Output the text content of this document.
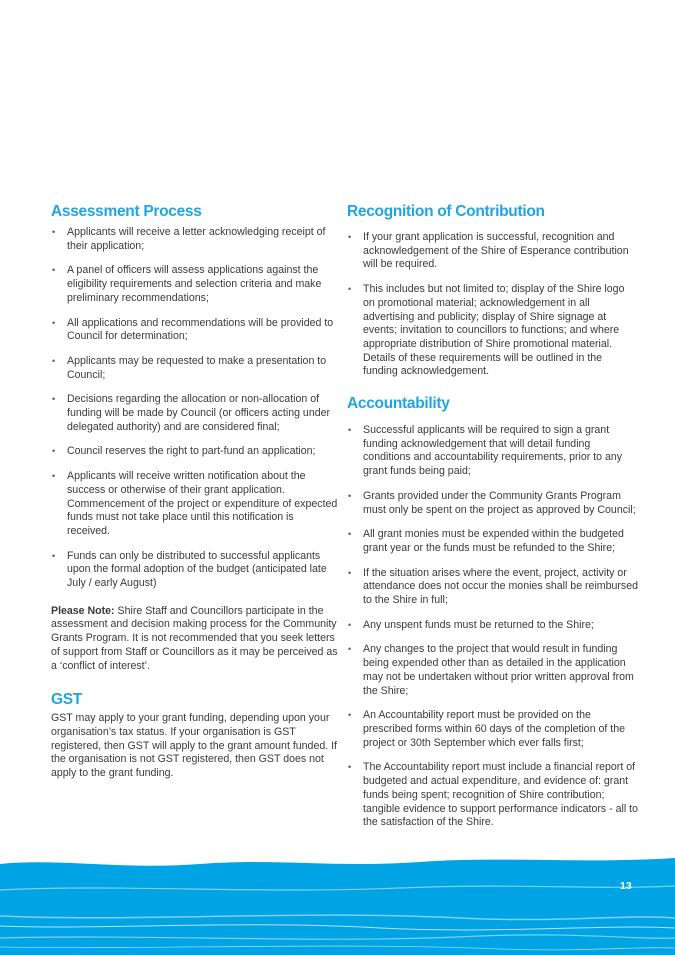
Assessment Process
• Applicants will receive a letter acknowledging receipt of their application;
• A panel of officers will assess applications against the eligibility requirements and selection criteria and make preliminary recommendations;
• All applications and recommendations will be provided to Council for determination;
• Applicants may be requested to make a presentation to Council;
• Decisions regarding the allocation or non-allocation of funding will be made by Council (or officers acting under delegated authority) and are considered final;
• Council reserves the right to part-fund an application;
• Applicants will receive written notification about the success or otherwise of their grant application. Commencement of the project or expenditure of expected funds must not take place until this notification is received.
• Funds can only be distributed to successful applicants upon the formal adoption of the budget (anticipated late July / early August)

Please Note: Shire Staff and Councillors participate in the assessment and decision making process for the Community Grants Program. It is not recommended that you seek letters of support from Staff or Councillors as it may be perceived as a ‘conflict of interest’.

GST

GST may apply to your grant funding, depending upon your organisation’s tax status. If your organisation is GST registered, then GST will apply to the grant amount funded. If the organisation is not GST registered, then GST does not apply to the grant funding.

Recognition of Contribution
• If your grant application is successful, recognition and acknowledgement of the Shire of Esperance contribution will be required.
• This includes but not limited to; display of the Shire logo on promotional material; acknowledgement in all advertising and publicity; display of Shire signage at events; invitation to councillors to functions; and where appropriate distribution of Shire promotional material. Details of these requirements will be outlined in the funding acknowledgement.
Accountability
• Successful applicants will be required to sign a grant funding acknowledgement that will detail funding conditions and accountability requirements, prior to any grant funds being paid;
• Grants provided under the Community Grants Program must only be spent on the project as approved by Council;
• All grant monies must be expended within the budgeted grant year or the funds must be refunded to the Shire;
• If the situation arises where the event, project, activity or attendance does not occur the monies shall be reimbursed to the Shire in full;
• Any unspent funds must be returned to the Shire;
• Any changes to the project that would result in funding being expended other than as detailed in the application may not be undertaken without prior written approval from the Shire;
• An Accountability report must be provided on the prescribed forms within 60 days of the completion of the project or 30th September which ever falls first;
• The Accountability report must include a financial report of budgeted and actual expenditure, and evidence of: grant funds being spent; recognition of Shire contribution; tangible evidence to support performance indicators - all to the satisfaction of the Shire.
13
